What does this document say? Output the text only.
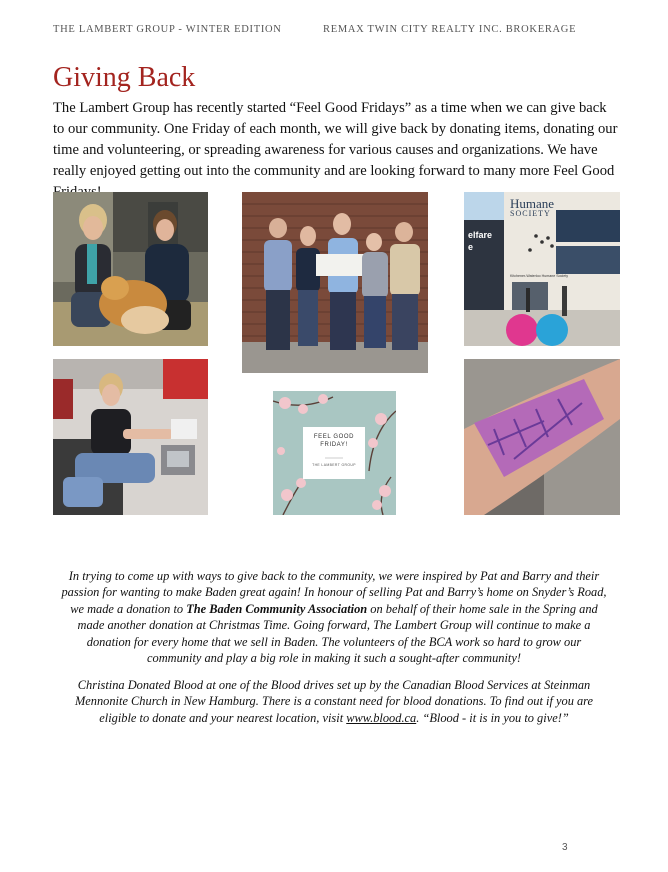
THE LAMBERT GROUP - WINTER EDITION	REMAX TWIN CITY REALTY INC. BROKERAGE
Giving Back

The Lambert Group has recently started “Feel Good Fridays” as a time when we can give back to our community. One Friday of each month, we will give back by donating items, donating our time and volunteering, or spreading awareness for various causes and organizations. We have really enjoyed getting out into the community and are looking forward to many more Feel Good

Humane
SOCIETY
elfare
e
Kitchener-Waterloo Humane Society
FEEL GOOD
FRIDAY!
THE LAMBERT GROUP

In trying to come up with ways to give back to the community, we were inspired by Pat and Barry and their passion for wanting to make Baden great again! In honour of selling Pat and Barry’s home on Snyder’s Road, we made a donation to The Baden Community Association on behalf of their home sale in the Spring and made another donation at Christmas Time. Going forward, The Lambert Group will continue to make a donation for every home that we sell in Baden. The volunteers of the BCA work so hard to grow our community and play a big role in making it such a sought-after community!

Christina Donated Blood at one of the Blood drives set up by the Canadian Blood Services at Steinman Mennonite Church in New Hamburg. There is a constant need for blood donations. To find out if you are eligible to donate and your nearest location, visit www.blood.ca. “Blood - it is in you to give!”

3
